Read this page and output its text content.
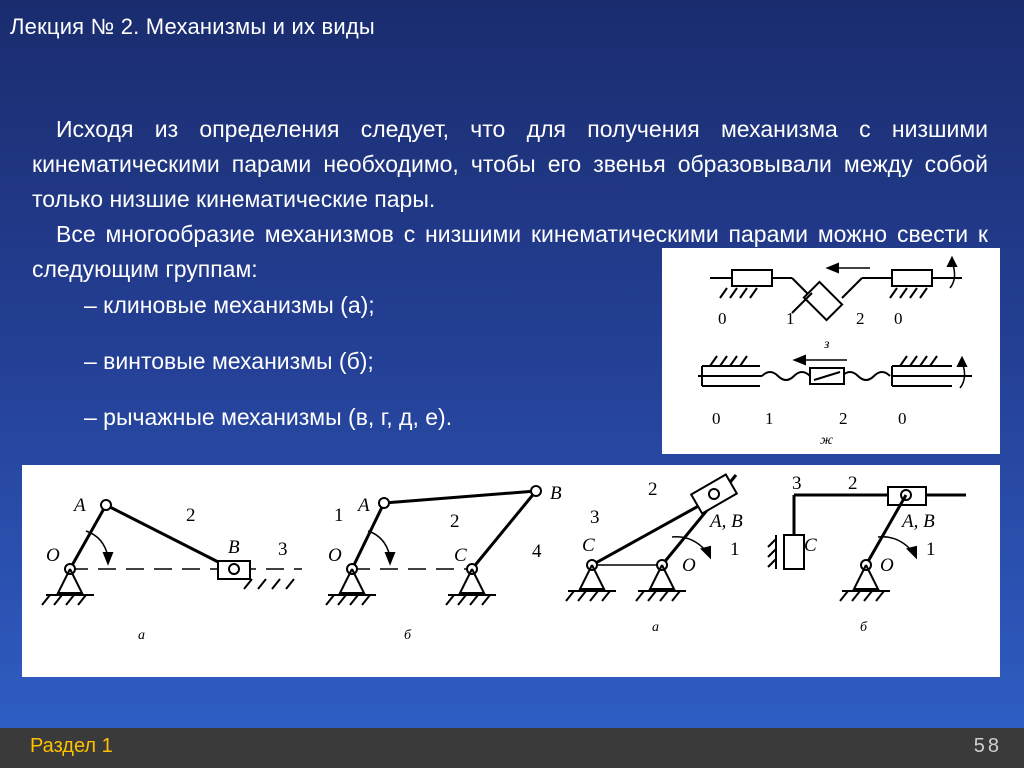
Лекция № 2. Механизмы и их виды

Исходя из определения следует, что для получения механизма с низшими кинематическими парами необходимо, чтобы его звенья образовывали между собой только низшие кинематические пары.

Все многообразие механизмов с низшими кинематическими парами можно свести к следующим группам:

– клиновые механизмы (а);
– винтовые механизмы (б);
– рычажные механизмы (в, г, д, е).
0	1	2 0
з
0	1	2	0
ж
A	2
O	B 3
а
B
A
1	2
O	C	4
б
2
3	A, B
C
O
1
а
3 2
A, B
C
O
1
б
Раздел 1	58
